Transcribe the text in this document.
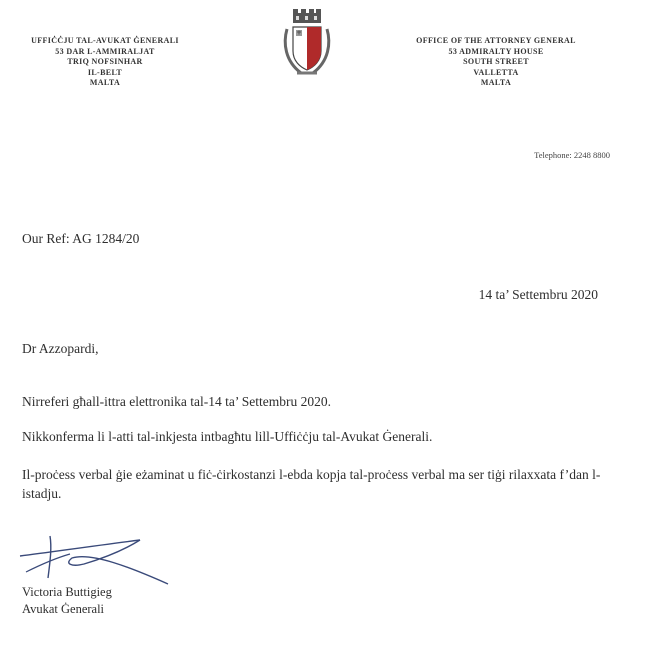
UFFIĊĊJU TAL-AVUKAT ĠENERALI
53 DAR L-AMMIRALJAT
TRIQ NOFSINHAR
IL-BELT
MALTA
OFFICE OF THE ATTORNEY GENERAL
53 ADMIRALTY HOUSE
SOUTH STREET
VALLETTA
MALTA
Telephone: 2248 8800
Our Ref: AG 1284/20
14 ta’ Settembru 2020
Dr Azzopardi,
Nirreferi għall-ittra elettronika tal-14 ta’ Settembru 2020.
Nikkonferma li l-atti tal-inkjesta intbagħtu lill-Uffiċċju tal-Avukat Ġenerali.
Il-proċess verbal ġie eżaminat u fiċ-ċirkostanzi l-ebda kopja tal-proċess verbal ma ser tiġi rilaxxata f’dan l-istadju.
Victoria Buttigieg
Avukat Ġenerali
